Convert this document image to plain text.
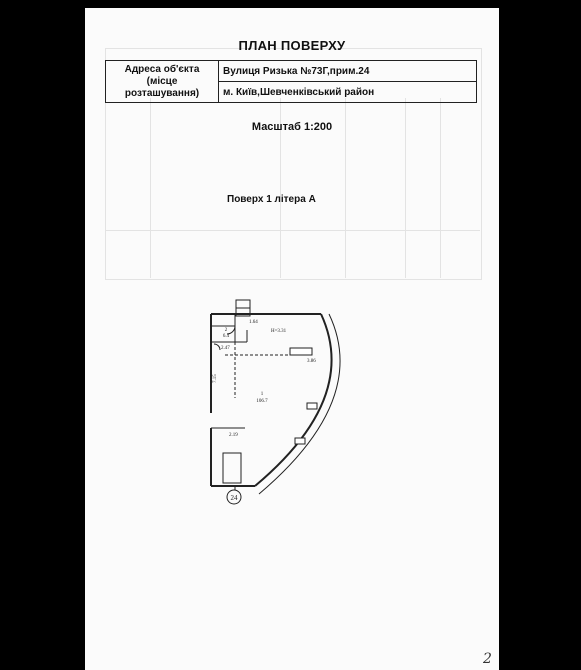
ПЛАН ПОВЕРХУ
Адреса об'єкта
(місце розташування)	Вулиця Ризька №73Г,прим.24
м. Київ,Шевченківський район
Масштаб 1:200
Поверх 1 літера А
1.64
Н=3.31
2
6.4
2.47
3.86
7.15
1
106.7
2.19
24
2
